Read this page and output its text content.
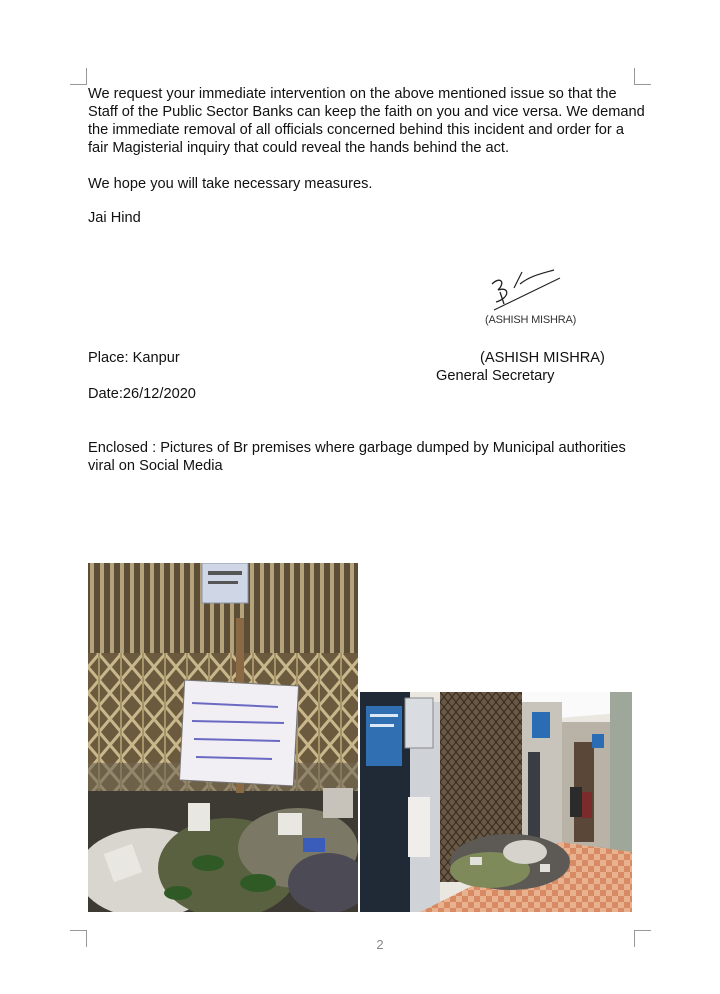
We request your immediate intervention on the above mentioned issue so that the Staff of the Public Sector Banks can keep the faith on you and vice versa. We demand the immediate removal of all officials concerned behind this incident and order for a fair Magisterial inquiry that could reveal the hands behind the act.

We hope you will take necessary measures.

Jai Hind

(ASHISH MISHRA)
Place: Kanpur	(ASHISH MISHRA)
General Secretary
Date:26/12/2020

Enclosed : Pictures of Br premises where garbage dumped by Municipal authorities viral on Social Media

2
